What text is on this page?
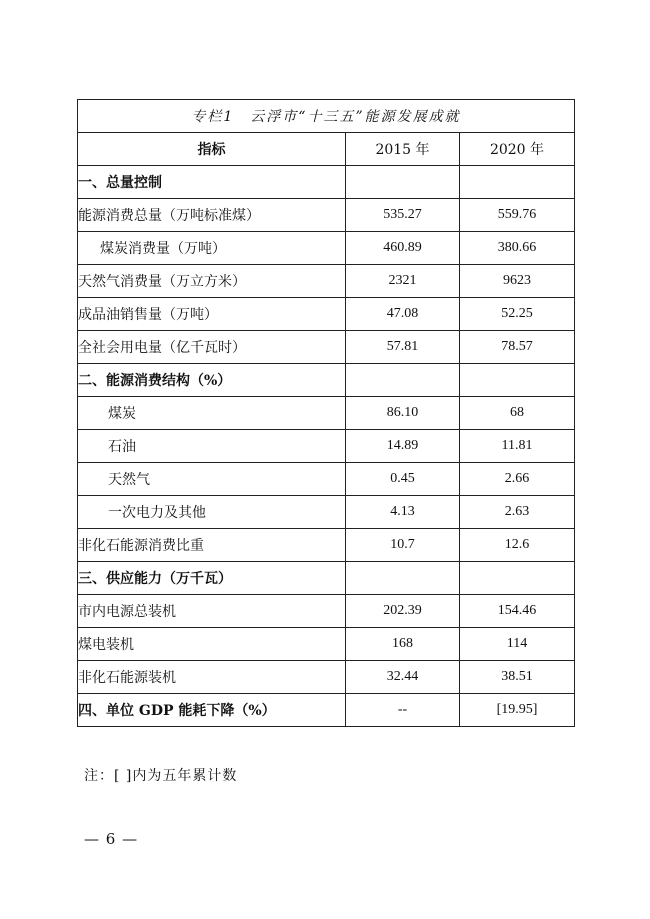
专栏1　云浮市“十三五”能源发展成就		
指标	2015 年	2020 年
一、总量控制		
能源消费总量（万吨标准煤）	535.27	559.76
煤炭消费量（万吨）	460.89	380.66
天然气消费量（万立方米）	2321	9623
成品油销售量（万吨）	47.08	52.25
全社会用电量（亿千瓦时）	57.81	78.57
二、能源消费结构（%）		
煤炭	86.10	68
石油	14.89	11.81
天然气	0.45	2.66
一次电力及其他	4.13	2.63
非化石能源消费比重	10.7	12.6
三、供应能力（万千瓦）		
市内电源总装机	202.39	154.46
煤电装机	168	114
非化石能源装机	32.44	38.51
四、单位 GDP 能耗下降（%）	--	[19.95]
注：[ ]内为五年累计数
— 6 —
